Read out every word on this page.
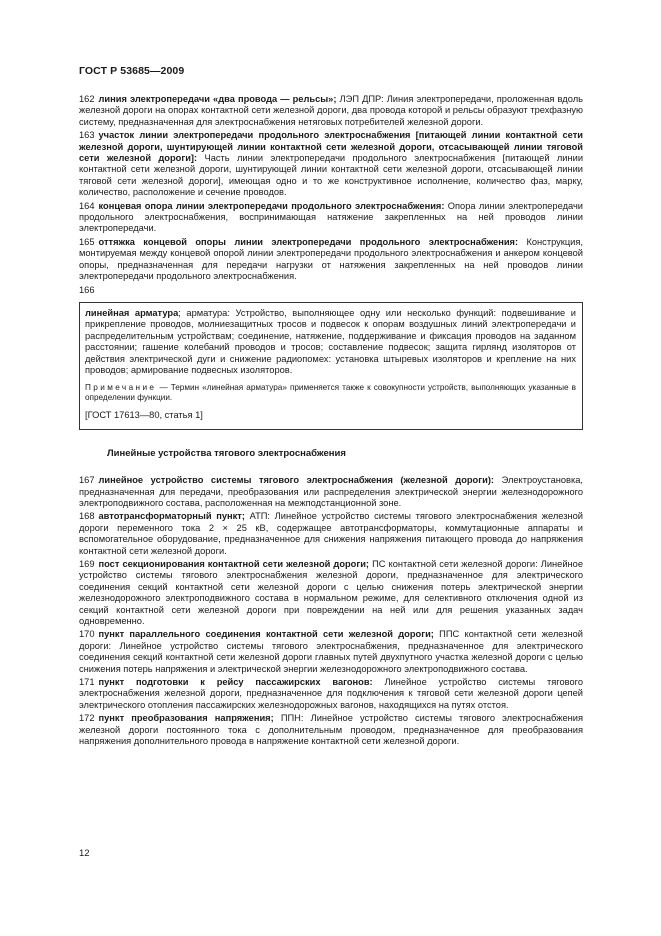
ГОСТ Р 53685—2009

162 линия электропередачи «два провода — рельсы»; ЛЭП ДПР: Линия электропередачи, проложенная вдоль железной дороги на опорах контактной сети железной дороги, два провода которой и рельсы образуют трехфазную систему, предназначенная для электроснабжения нетяговых потребителей железной дороги.

163 участок линии электропередачи продольного электроснабжения [питающей линии контактной сети железной дороги, шунтирующей линии контактной сети железной дороги, отсасывающей линии тяговой сети железной дороги]: Часть линии электропередачи продольного электроснабжения [питающей линии контактной сети железной дороги, шунтирующей линии контактной сети железной дороги, отсасывающей линии тяговой сети железной дороги], имеющая одно и то же конструктивное исполнение, количество фаз, марку, количество, расположение и сечение проводов.

164 концевая опора линии электропередачи продольного электроснабжения: Опора линии электропередачи продольного электроснабжения, воспринимающая натяжение закрепленных на ней проводов линии электропередачи.

165 оттяжка концевой опоры линии электропередачи продольного электроснабжения: Конструкция, монтируемая между концевой опорой линии электропередачи продольного электроснабжения и анкером концевой опоры, предназначенная для передачи нагрузки от натяжения закрепленных на ней проводов линии электропередачи продольного электроснабжения.

166

линейная арматура; арматура: Устройство, выполняющее одну или несколько функций: подвешивание и прикрепление проводов, молниезащитных тросов и подвесок к опорам воздушных линий электропередачи и распределительным устройствам; соединение, натяжение, поддерживание и фиксация проводов на заданном расстоянии; гашение колебаний проводов и тросов; составление подвесок; защита гирлянд изоляторов от действия электрической дуги и снижение радиопомех: установка штыревых изоляторов и крепление на них проводов; армирование подвесных изоляторов.

Примечание — Термин «линейная арматура» применяется также к совокупности устройств, выполняющих указанные в определении функции.

[ГОСТ 17613—80, статья 1]

Линейные устройства тягового электроснабжения

167 линейное устройство системы тягового электроснабжения (железной дороги): Электроустановка, предназначенная для передачи, преобразования или распределения электрической энергии железнодорожного электроподвижного состава, расположенная на межподстанционной зоне.

168 автотрансформаторный пункт; АТП: Линейное устройство системы тягового электроснабжения железной дороги переменного тока 2 × 25 кВ, содержащее автотрансформаторы, коммутационные аппараты и вспомогательное оборудование, предназначенное для снижения напряжения питающего провода до напряжения контактной сети железной дороги.

169 пост секционирования контактной сети железной дороги; ПС контактной сети железной дороги: Линейное устройство системы тягового электроснабжения железной дороги, предназначенное для электрического соединения секций контактной сети железной дороги с целью снижения потерь электрической энергии железнодорожного электроподвижного состава в нормальном режиме, для селективного отключения одной из секций контактной сети железной дороги при повреждении на ней или для решения указанных задач одновременно.

170 пункт параллельного соединения контактной сети железной дороги; ППС контактной сети железной дороги: Линейное устройство системы тягового электроснабжения, предназначенное для электрического соединения секций контактной сети железной дороги главных путей двухпутного участка железной дороги с целью снижения потерь напряжения и электрической энергии железнодорожного электроподвижного состава.

171 пункт подготовки к рейсу пассажирских вагонов: Линейное устройство системы тягового электроснабжения железной дороги, предназначенное для подключения к тяговой сети железной дороги цепей электрического отопления пассажирских железнодорожных вагонов, находящихся на путях отстоя.

172 пункт преобразования напряжения; ППН: Линейное устройство системы тягового электроснабжения железной дороги постоянного тока с дополнительным проводом, предназначенное для преобразования напряжения дополнительного провода в напряжение контактной сети железной дороги.

12
